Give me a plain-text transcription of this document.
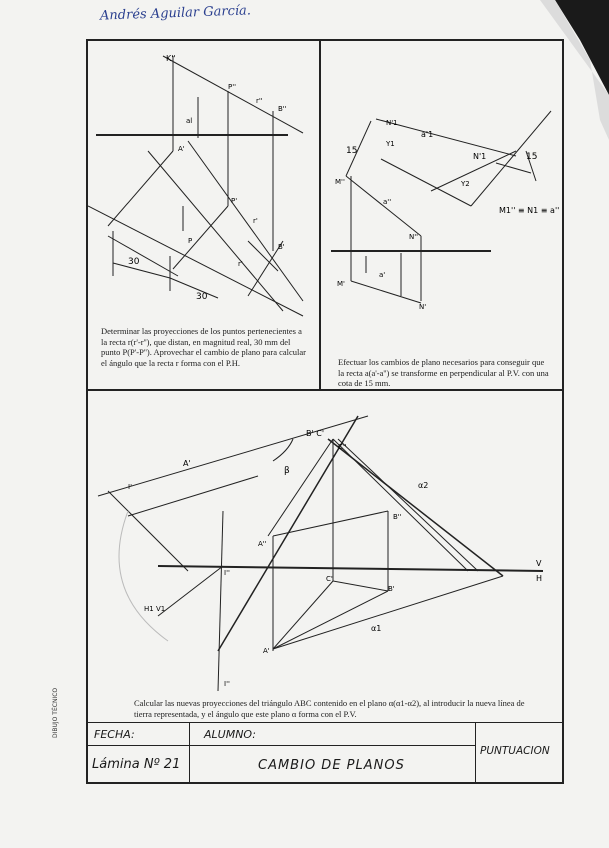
Andrés Aguilar García.
K''
P''
r''
B''
al
A'
P'
r'
P
B'
r'
30
30
Determinar las proyecciones de los puntos pertenecientes a la recta r(r'-r''), que distan, en magnitud real, 30 mm del punto P(P'-P''). Aprovechar el cambio de plano para calcular el ángulo que la recta r forma con el P.H.
N'1
a'1
N'1
15
15
Y1
Y2
M''
a''
N''
M'
a'
N'
M1'' ≡ N1 ≡ a''
Efectuar los cambios de plano necesarios para conseguir que la recta a(a'-a'') se transforme en perpendicular al P.V. con una cota de 15 mm.
B' C'
C''
A'
I'
β
α2
B''
A''
C'
B'
I''
α1
A'
I''
V
H
H1 V1
Calcular las nuevas proyecciones del triángulo ABC contenido en el plano α(α1-α2), al introducir la nueva línea de tierra representada, y el ángulo que este plano α forma con el P.V.
FECHA:	ALUMNO:
PUNTUACION
Lámina Nº 21	CAMBIO DE PLANOS
DIBUJO TÉCNICO
